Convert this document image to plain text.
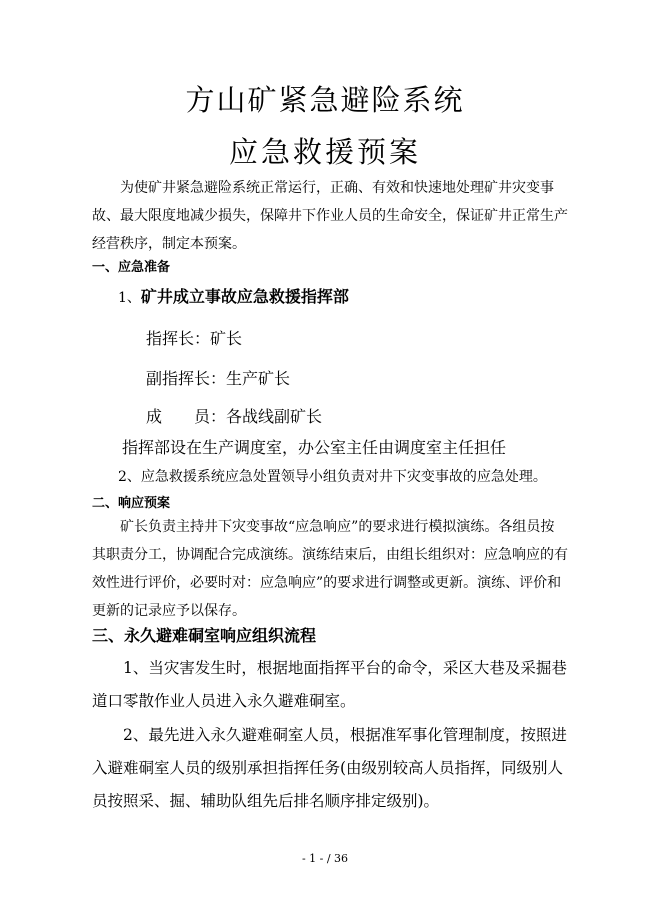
方山矿紧急避险系统
应急救援预案

为使矿井紧急避险系统正常运行，正确、有效和快速地处理矿井灾变事故、最大限度地减少损失，保障井下作业人员的生命安全，保证矿井正常生产经营秩序，制定本预案。

一、应急准备
1、矿井成立事故应急救援指挥部
指挥长：矿长
副指挥长：生产矿长
成　　员：各战线副矿长
指挥部设在生产调度室，办公室主任由调度室主任担任
2、应急救援系统应急处置领导小组负责对井下灾变事故的应急处理。
二、响应预案

矿长负责主持井下灾变事故“应急响应”的要求进行模拟演练。各组员按其职责分工，协调配合完成演练。演练结束后，由组长组织对：应急响应的有效性进行评价，必要时对：应急响应”的要求进行调整或更新。演练、评价和更新的记录应予以保存。

三、永久避难硐室响应组织流程

1、当灾害发生时，根据地面指挥平台的命令，采区大巷及采掘巷道口零散作业人员进入永久避难硐室。

2、最先进入永久避难硐室人员，根据准军事化管理制度，按照进入避难硐室人员的级别承担指挥任务(由级别较高人员指挥，同级别人员按照采、掘、辅助队组先后排名顺序排定级别)。

- 1 - / 36
